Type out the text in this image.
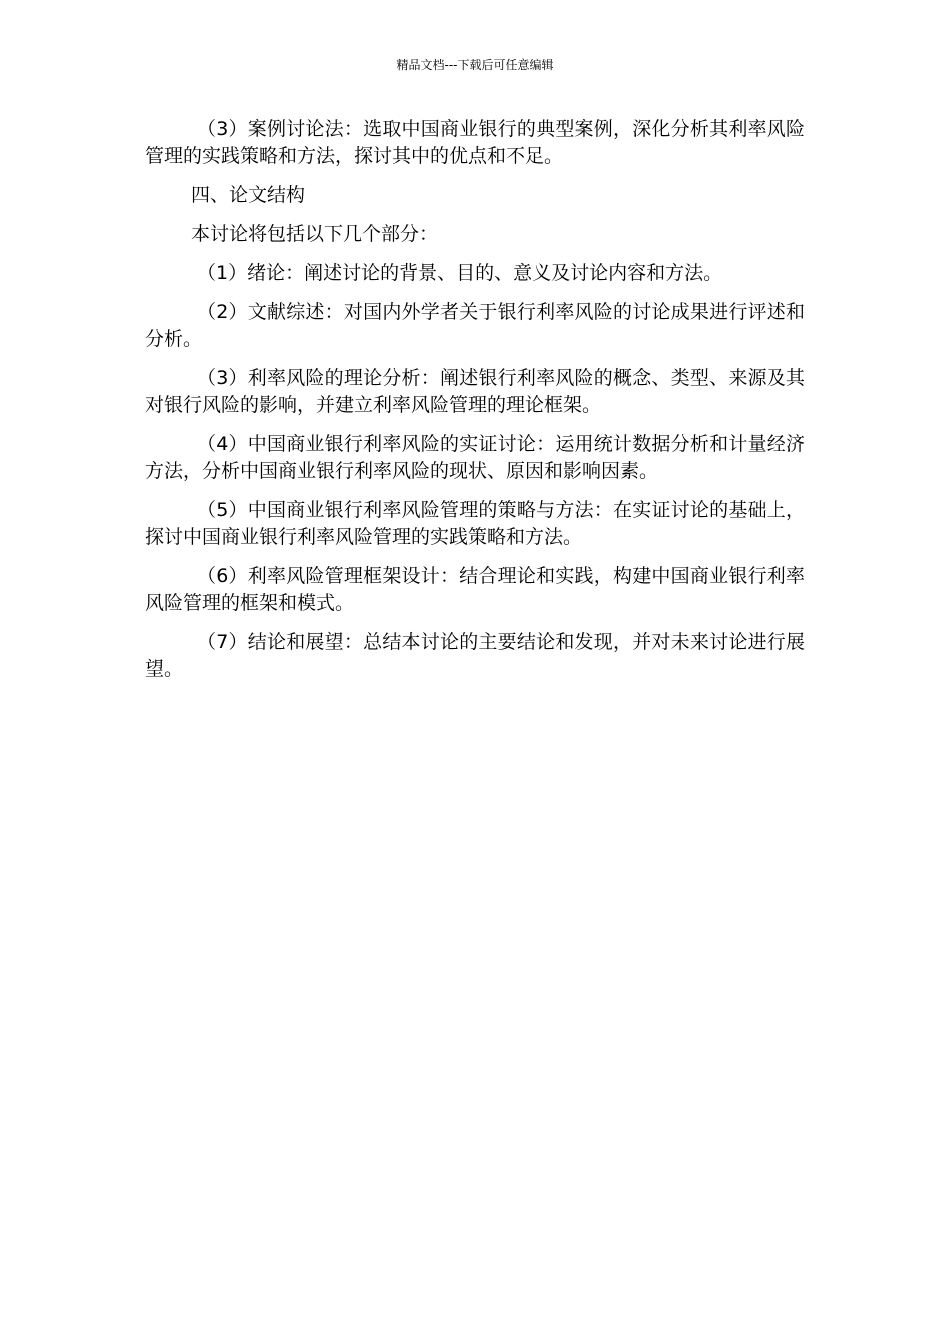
精品文档---下载后可任意编辑

（3）案例讨论法：选取中国商业银行的典型案例，深化分析其利率风险管理的实践策略和方法，探讨其中的优点和不足。

四、论文结构

本讨论将包括以下几个部分：

（1）绪论：阐述讨论的背景、目的、意义及讨论内容和方法。

（2）文献综述：对国内外学者关于银行利率风险的讨论成果进行评述和分析。

（3）利率风险的理论分析：阐述银行利率风险的概念、类型、来源及其对银行风险的影响，并建立利率风险管理的理论框架。

（4）中国商业银行利率风险的实证讨论：运用统计数据分析和计量经济方法，分析中国商业银行利率风险的现状、原因和影响因素。

（5）中国商业银行利率风险管理的策略与方法：在实证讨论的基础上，探讨中国商业银行利率风险管理的实践策略和方法。

（6）利率风险管理框架设计：结合理论和实践，构建中国商业银行利率风险管理的框架和模式。

（7）结论和展望：总结本讨论的主要结论和发现，并对未来讨论进行展望。
